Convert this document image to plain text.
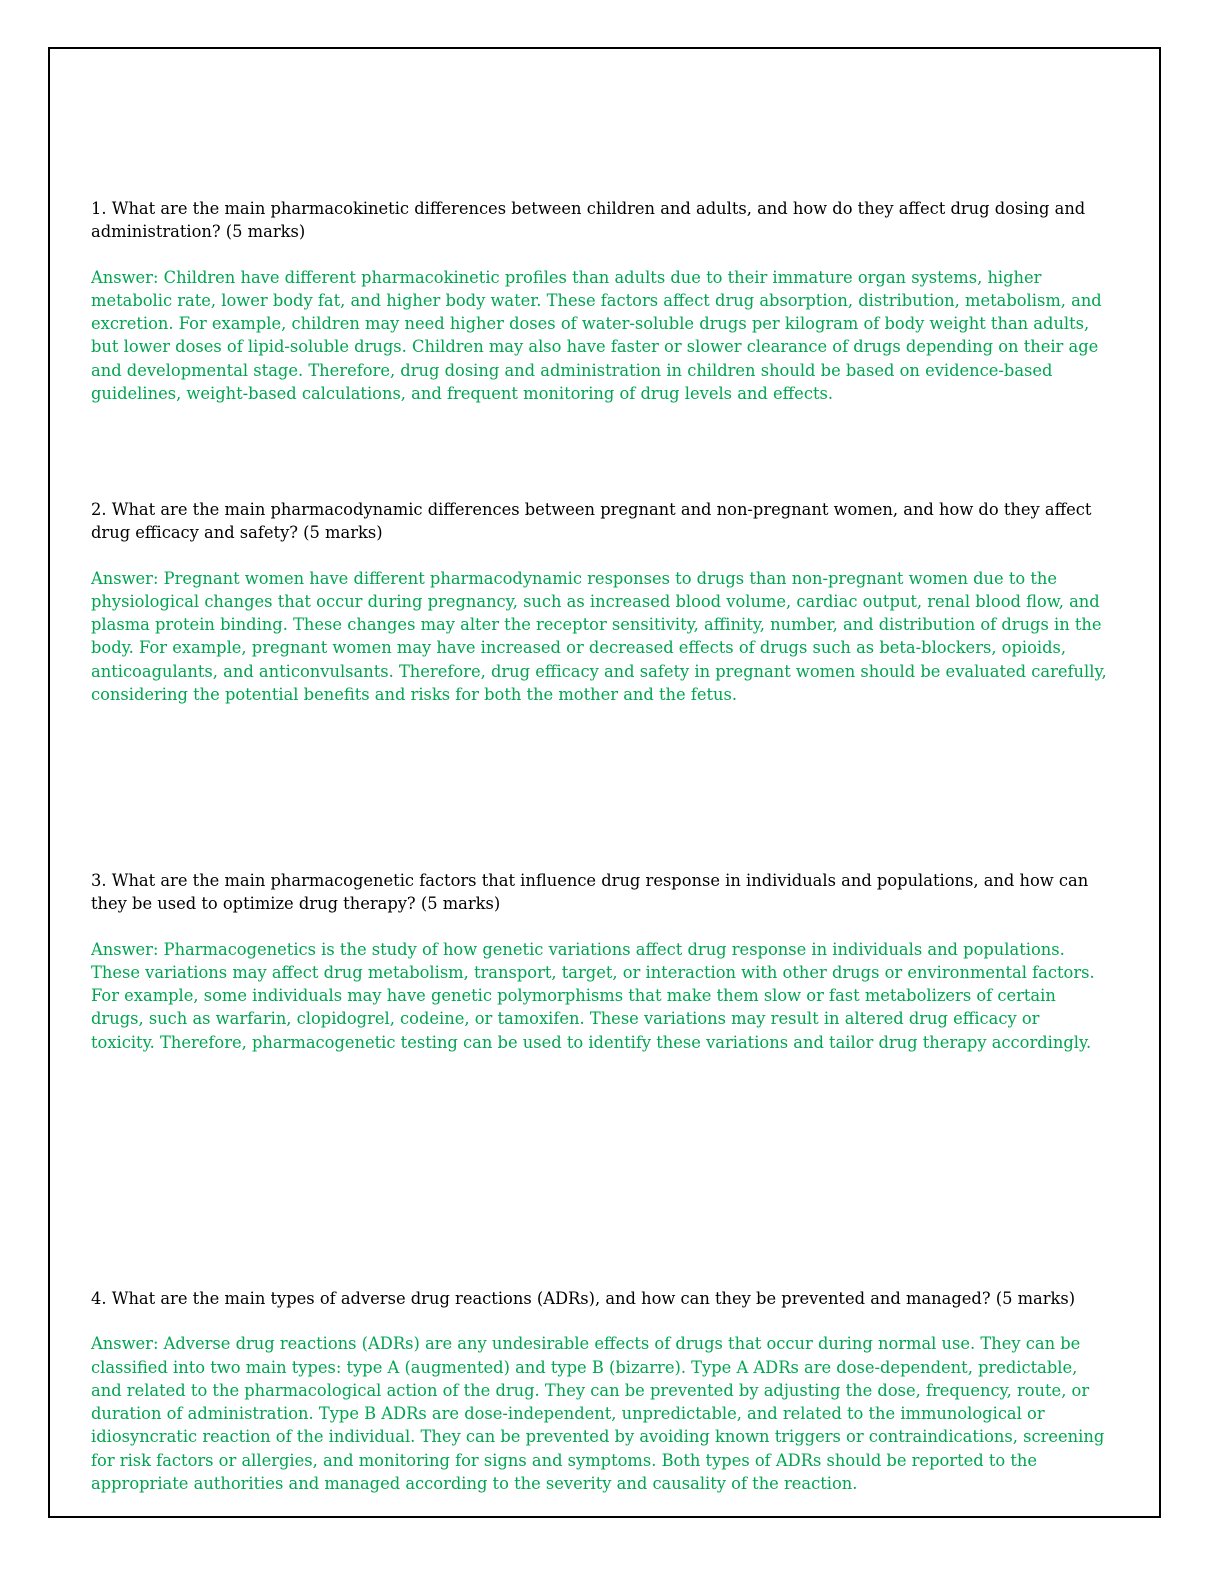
1. What are the main pharmacokinetic differences between children and adults, and how do they affect drug dosing and administration? (5 marks)

Answer: Children have different pharmacokinetic profiles than adults due to their immature organ systems, higher metabolic rate, lower body fat, and higher body water. These factors affect drug absorption, distribution, metabolism, and excretion. For example, children may need higher doses of water-soluble drugs per kilogram of body weight than adults, but lower doses of lipid-soluble drugs. Children may also have faster or slower clearance of drugs depending on their age and developmental stage. Therefore, drug dosing and administration in children should be based on evidence-based guidelines, weight-based calculations, and frequent monitoring of drug levels and effects.

2. What are the main pharmacodynamic differences between pregnant and non-pregnant women, and how do they affect drug efficacy and safety? (5 marks)

Answer: Pregnant women have different pharmacodynamic responses to drugs than non-pregnant women due to the physiological changes that occur during pregnancy, such as increased blood volume, cardiac output, renal blood flow, and plasma protein binding. These changes may alter the receptor sensitivity, affinity, number, and distribution of drugs in the body. For example, pregnant women may have increased or decreased effects of drugs such as beta-blockers, opioids, anticoagulants, and anticonvulsants. Therefore, drug efficacy and safety in pregnant women should be evaluated carefully, considering the potential benefits and risks for both the mother and the fetus.

3. What are the main pharmacogenetic factors that influence drug response in individuals and populations, and how can they be used to optimize drug therapy? (5 marks)

Answer: Pharmacogenetics is the study of how genetic variations affect drug response in individuals and populations. These variations may affect drug metabolism, transport, target, or interaction with other drugs or environmental factors. For example, some individuals may have genetic polymorphisms that make them slow or fast metabolizers of certain drugs, such as warfarin, clopidogrel, codeine, or tamoxifen. These variations may result in altered drug efficacy or toxicity. Therefore, pharmacogenetic testing can be used to identify these variations and tailor drug therapy accordingly.

4. What are the main types of adverse drug reactions (ADRs), and how can they be prevented and managed? (5 marks)

Answer: Adverse drug reactions (ADRs) are any undesirable effects of drugs that occur during normal use. They can be classified into two main types: type A (augmented) and type B (bizarre). Type A ADRs are dose-dependent, predictable, and related to the pharmacological action of the drug. They can be prevented by adjusting the dose, frequency, route, or duration of administration. Type B ADRs are dose-independent, unpredictable, and related to the immunological or idiosyncratic reaction of the individual. They can be prevented by avoiding known triggers or contraindications, screening for risk factors or allergies, and monitoring for signs and symptoms. Both types of ADRs should be reported to the appropriate authorities and managed according to the severity and causality of the reaction.
